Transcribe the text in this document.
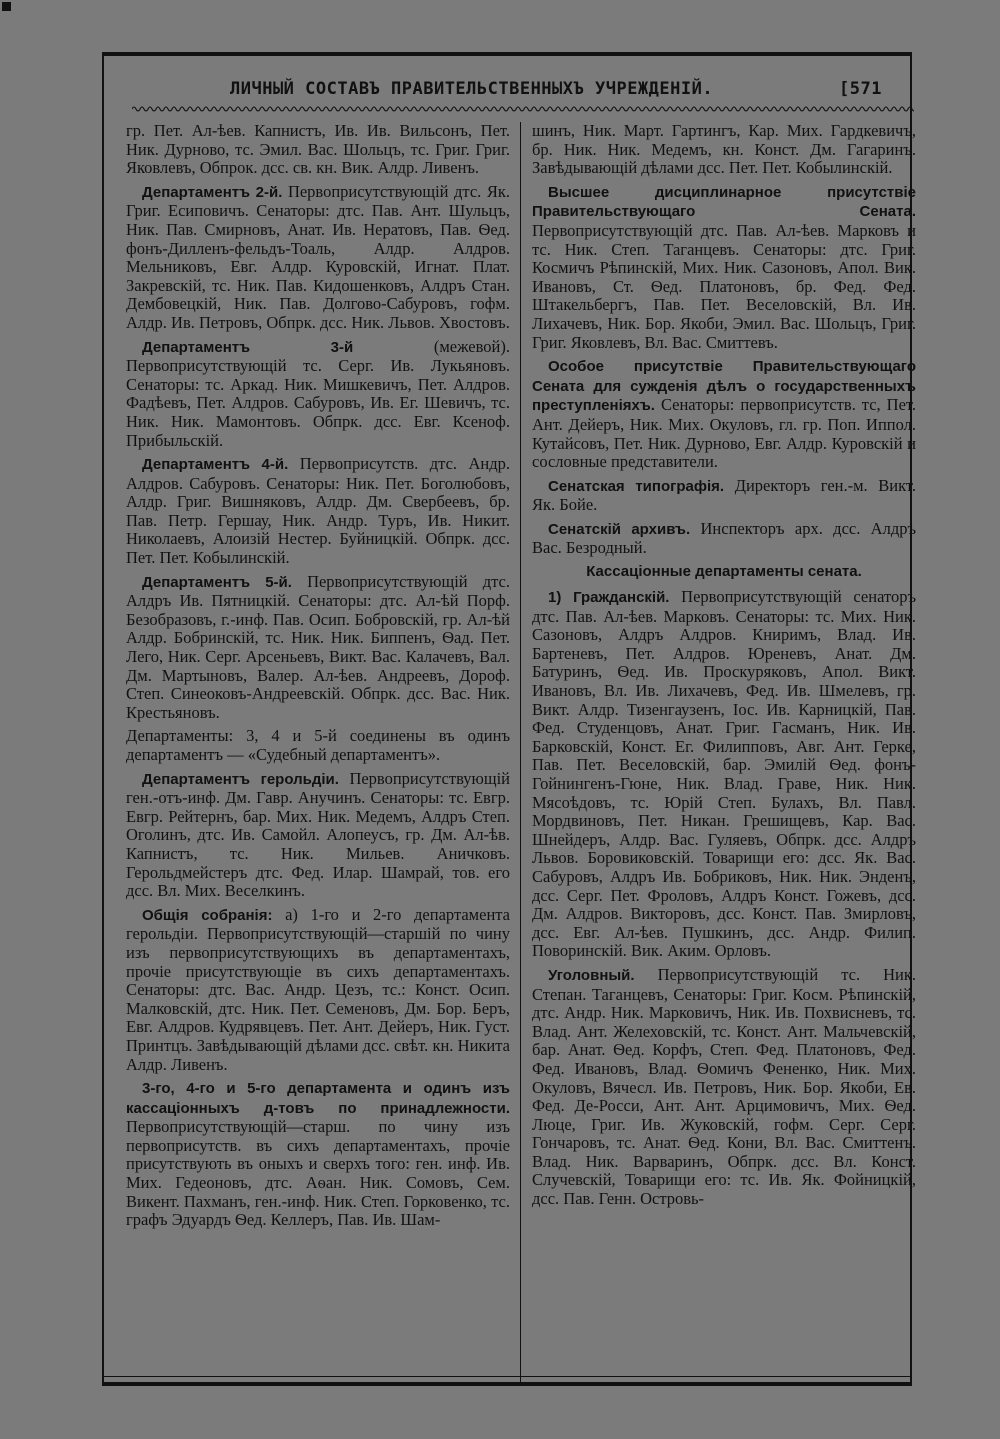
ЛИЧНЫЙ СОСТАВЪ ПРАВИТЕЛЬСТВЕННЫХЪ УЧРЕЖДЕНІЙ.	[571

гр. Пет. Ал-ѣев. Капнистъ, Ив. Ив. Вильсонъ, Пет. Ник. Дурново, тс. Эмил. Вас. Шольцъ, тс. Григ. Григ. Яковлевъ, Обпрок. дсс. св. кн. Вик. Алдр. Ливенъ.

Департаментъ 2-й. Первоприсутствующій дтс. Як. Григ. Есиповичъ. Сенаторы: дтс. Пав. Ант. Шульцъ, Ник. Пав. Смирновъ, Анат. Ив. Нератовъ, Пав. Ѳед. фонъ-Дилленъ-фельдъ-Тоаль, Алдр. Алдров. Мельниковъ, Евг. Алдр. Куровскій, Игнат. Плат. Закревскій, тс. Ник. Пав. Кидошенковъ, Алдръ Стан. Дембовецкій, Ник. Пав. Долгово-Сабуровъ, гофм. Алдр. Ив. Петровъ, Обпрк. дсс. Ник. Львов. Хвостовъ.

Департаментъ 3-й	(межевой). Первоприсутствующій тс. Серг. Ив. Лукьяновъ. Сенаторы: тс. Аркад. Ник. Мишкевичъ, Пет. Алдров. Фадѣевъ, Пет. Алдров. Сабуровъ, Ив. Ег. Шевичъ, тс. Ник. Ник. Мамонтовъ. Обпрк. дсс. Евг. Ксеноф. Прибыльскій.

Департаментъ 4-й. Первоприсутств. дтс. Андр. Алдров. Сабуровъ. Сенаторы: Ник. Пет. Боголюбовъ, Алдр. Григ. Вишняковъ, Алдр. Дм. Свербеевъ, бр. Пав. Петр. Гершау, Ник. Андр. Туръ, Ив. Никит. Николаевъ, Алоизій Нестер. Буйницкій. Обпрк. дсс. Пет. Пет. Кобылинскій.

Департаментъ 5-й. Первоприсутствующій дтс. Алдръ Ив. Пятницкій. Сенаторы: дтс. Ал-ѣй Порф. Безобразовъ, г.-инф. Пав. Осип. Бобровскій, гр. Ал-ѣй Алдр. Бобринскій, тс. Ник. Ник. Биппенъ, Ѳад. Пет. Лего, Ник. Серг. Арсеньевъ, Викт. Вас. Калачевъ, Вал. Дм. Мартыновъ, Валер. Ал-ѣев. Андреевъ, Дороф. Степ. Синеоковъ-Андреевскій. Обпрк. дсс. Вас. Ник. Крестьяновъ.

Департаменты: 3, 4 и 5-й соединены въ одинъ департаментъ — «Судебный департаментъ».

Департаментъ герольдіи. Первоприсутствующій ген.-отъ-инф. Дм. Гавр. Анучинъ. Сенаторы: тс. Евгр. Евгр. Рейтернъ, бар. Мих. Ник. Медемъ, Алдръ Степ. Оголинъ, дтс. Ив. Самойл. Алопеусъ, гр. Дм. Ал-ѣв. Капнистъ, тс. Ник. Мильев. Аничковъ. Герольдмейстеръ дтс. Фед. Илар. Шамрай, тов. его дсс. Вл. Мих. Веселкинъ.

Общія собранія: а) 1-го и 2-го департамента герольдіи. Первоприсутствующій—старшій по чину изъ первоприсутствующихъ въ департаментахъ, прочіе присутствующіе въ сихъ департаментахъ. Сенаторы: дтс. Вас. Андр. Цезъ, тс.: Конст. Осип. Малковскій, дтс. Ник. Пет. Семеновъ, Дм. Бор. Беръ, Евг. Алдров. Кудрявцевъ. Пет. Ант. Дейеръ, Ник. Густ. Принтцъ. Завѣдывающій дѣлами дсс. свѣт. кн. Никита Алдр. Ливенъ.

3-го, 4-го и 5-го департамента и одинъ изъ кассаціонныхъ д-товъ по принадлежности. Первоприсутствующій—старш. по чину изъ первоприсутств. въ сихъ департаментахъ, прочіе присутствують въ оныхъ и сверхъ того: ген. инф. Ив. Мих. Гедеоновъ, дтс. Аѳан. Ник. Сомовъ, Сем. Викент. Пахманъ, ген.-инф. Ник. Степ. Горковенко, тс. графъ Эдуардъ Ѳед. Келлеръ, Пав. Ив. Шам-

шинъ, Ник. Март. Гартингъ, Кар. Мих. Гардкевичъ, бр. Ник. Ник. Медемъ, кн. Конст. Дм. Гагаринъ. Завѣдывающій дѣлами дсс. Пет. Пет. Кобылинскій.

Высшее дисциплинарное присутствіе Правительствующаго Сената. Первоприсутствующій дтс. Пав. Ал-ѣев. Марковъ и тс. Ник. Степ. Таганцевъ. Сенаторы: дтс. Григ. Космичъ Рѣпинскій, Мих. Ник. Сазоновъ, Апол. Вик. Ивановъ, Ст. Ѳед. Платоновъ, бр. Фед. Фед. Штакельбергъ, Пав. Пет. Веселовскій, Вл. Ив. Лихачевъ, Ник. Бор. Якоби, Эмил. Вас. Шольцъ, Григ. Григ. Яковлевъ, Вл. Вас. Смиттевъ.

Особое присутствіе Правительствующаго Сената для сужденія дѣлъ о государственныхъ преступленіяхъ. Сенаторы: первоприсутств. тс, Пет. Ант. Дейеръ, Ник. Мих. Окуловъ, гл. гр. Поп. Иппол. Кутайсовъ, Пет. Ник. Дурново, Евг. Алдр. Куровскій и сословные представители.

Сенатская типографія. Директоръ ген.-м. Викт. Як. Бойе.

Сенатскій архивъ. Инспекторъ арх. дсс. Алдръ Вас. Безродный.

Кассаціонные департаменты сената.

1) Гражданскій. Первоприсутствующій сенаторъ дтс. Пав. Ал-ѣев. Марковъ. Сенаторы: тс. Мих. Ник. Сазоновъ, Алдръ Алдров. Книримъ, Влад. Ив. Бартеневъ, Пет. Алдров. Юреневъ, Анат. Дм. Батуринъ, Ѳед. Ив. Проскуряковъ, Апол. Викт. Ивановъ, Вл. Ив. Лихачевъ, Фед. Ив. Шмелевъ, гр. Викт. Алдр. Тизенгаузенъ, Іос. Ив. Карницкій, Пав. Фед. Студенцовъ, Анат. Григ. Гасманъ, Ник. Ив. Барковскій, Конст. Ег. Филипповъ, Авг. Ант. Герке, Пав. Пет. Веселовскій, бар. Эмилій Ѳед. фонъ-Гойнингенъ-Гюне, Ник. Влад. Граве, Ник. Ник. Мясоѣдовъ, тс. Юрій Степ. Булахъ, Вл. Павл. Мордвиновъ, Пет. Никан. Грешищевъ, Кар. Вас. Шнейдеръ, Алдр. Вас. Гуляевъ, Обпрк. дсс. Алдръ Львов. Боровиковскій. Товарищи его: дсс. Як. Вас. Сабуровъ, Алдръ Ив. Бобриковъ, Ник. Ник. Энденъ, дсс. Серг. Пет. Фроловъ, Алдръ Конст. Гожевъ, дсс. Дм. Алдров. Викторовъ, дсс. Конст. Пав. Змирловъ, дсс. Евг. Ал-ѣев. Пушкинъ, дсс. Андр. Филип. Поворинскій. Вик. Аким. Орловъ.

Уголовный. Первоприсутствующій тс. Ник. Степан. Таганцевъ, Сенаторы: Григ. Косм. Рѣпинскій, дтс. Андр. Ник. Марковичъ, Ник. Ив. Похвисневъ, тс. Влад. Ант. Желеховскій, тс. Конст. Ант. Мальчевскій, бар. Анат. Ѳед. Корфъ, Степ. Фед. Платоновъ, Фед. Фед. Ивановъ, Влад. Ѳомичъ Фененко, Ник. Мих. Окуловъ, Вячесл. Ив. Петровъ, Ник. Бор. Якоби, Ев. Фед. Де-Росси, Ант. Ант. Арцимовичъ, Мих. Ѳед. Люце, Григ. Ив. Жуковскій, гофм. Серг. Серг. Гончаровъ, тс. Анат. Ѳед. Кони, Вл. Вас. Смиттенъ. Влад. Ник. Варваринъ, Обпрк. дсс. Вл. Конст. Случевскій, Товарищи его: тс. Ив. Як. Фойницкій, дсс. Пав. Генн. Островь-
